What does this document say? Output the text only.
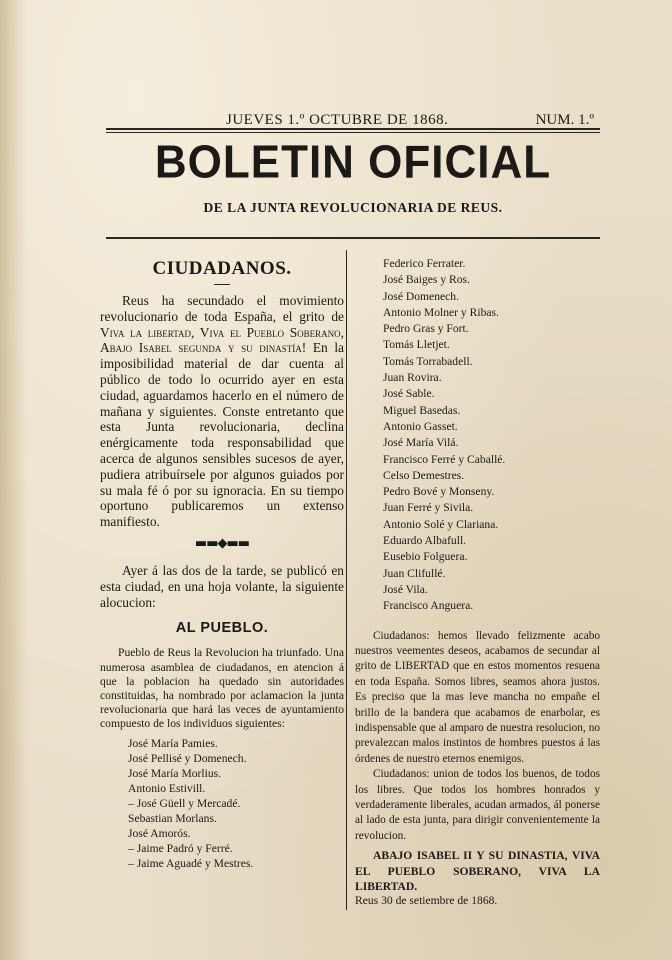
JUEVES 1.º OCTUBRE DE 1868.	NUM. 1.º
BOLETIN OFICIAL
DE LA JUNTA REVOLUCIONARIA DE REUS.
CIUDADANOS.

Reus ha secundado el movimiento revolucionario de toda España, el grito de Viva la libertad, Viva el Pueblo Soberano, Abajo Isabel segunda y su dinastía! En la imposibilidad material de dar cuenta al público de todo lo ocurrido ayer en esta ciudad, aguardamos hacerlo en el número de mañana y siguientes. Conste entretanto que esta Junta revolucionaria, declina enérgicamente toda responsabilidad que acerca de algunos sensibles sucesos de ayer, pudiera atribuírsele por algunos guiados por su mala fé ó por su ignoracia. En su tiempo oportuno publicaremos un extenso manifiesto.

▬▬◆▬▬

Ayer á las dos de la tarde, se publicó en esta ciudad, en una hoja volante, la siguiente alocucion:

AL PUEBLO.

Pueblo de Reus la Revolucion ha triunfado. Una numerosa asamblea de ciudadanos, en atencion á que la poblacion ha quedado sin autoridades constituidas, ha nombrado por aclamacion la junta revolucionaria que hará las veces de ayuntamiento compuesto de los individuos siguientes:

José María Pamies.
José Pellisé y Domenech.
José María Morlius.
Antonio Estivill.
– José Güell y Mercadé.
Sebastian Morlans.
José Amorós.
– Jaime Padró y Ferré.
– Jaime Aguadé y Mestres.
Federico Ferrater.
José Baiges y Ros.
José Domenech.
Antonio Molner y Ribas.
Pedro Gras y Fort.
Tomás Lletjet.
Tomás Torrabadell.
Juan Rovira.
José Sable.
Miguel Basedas.
Antonio Gasset.
José María Vilá.
Francisco Ferré y Caballé.
Celso Demestres.
Pedro Bové y Monseny.
Juan Ferré y Sivila.
Antonio Solé y Clariana.
Eduardo Albafull.
Eusebio Folguera.
Juan Clifullé.
José Vila.
Francisco Anguera.

Ciudadanos: hemos llevado felizmente acabo nuestros veementes deseos, acabamos de secundar al grito de LIBERTAD que en estos momentos resuena en toda España. Somos libres, seamos ahora justos. Es preciso que la mas leve mancha no empañe el brillo de la bandera que acabamos de enarbolar, es indispensable que al amparo de nuestra resolucion, no prevalezcan malos instintos de hombres puestos á las órdenes de nuestro eternos enemigos.

Ciudadanos: union de todos los buenos, de todos los libres. Que todos los hombres honrados y verdaderamente liberales, acudan armados, ál ponerse al lado de esta junta, para dirigir convenientemente la revolucion.

ABAJO ISABEL II Y SU DINASTIA, VIVA EL PUEBLO SOBERANO, VIVA LA LIBERTAD.

Reus 30 de setiembre de 1868.
